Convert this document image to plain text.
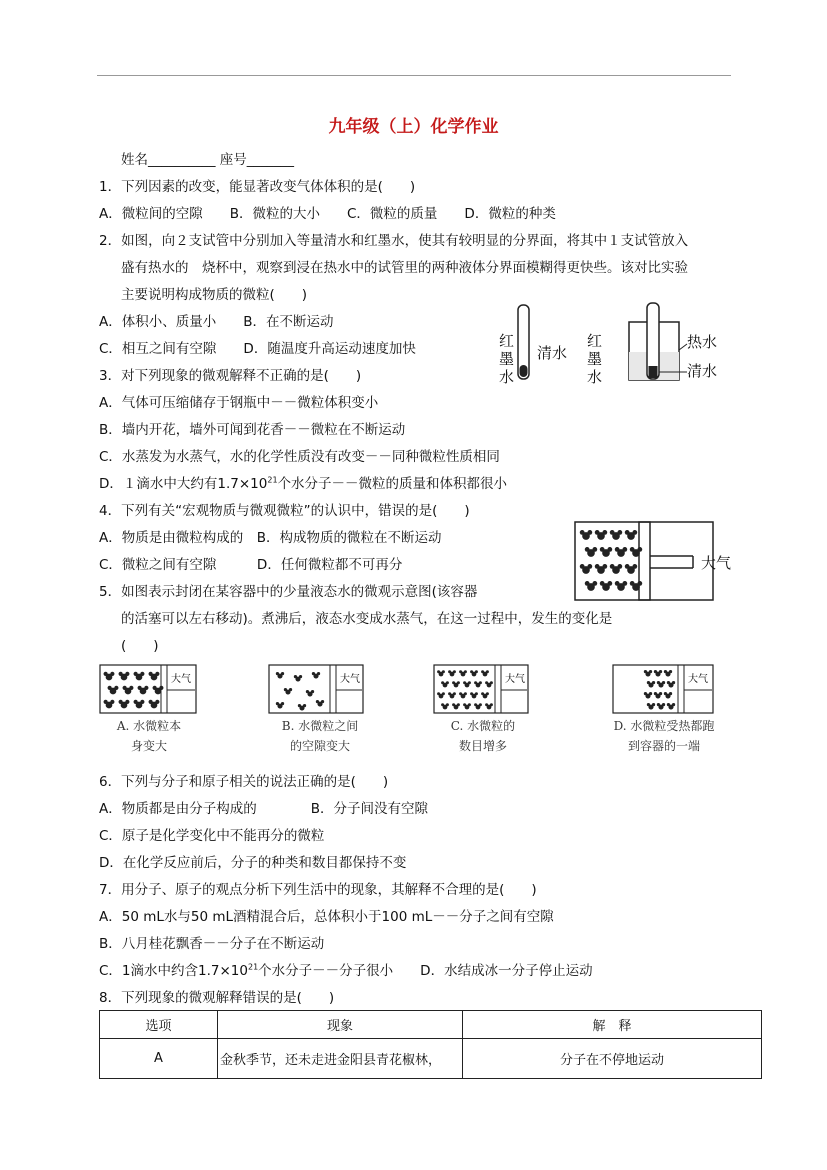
九年级（上）化学作业
姓名__________ 座号_______
1．下列因素的改变，能显著改变气体体积的是(　　)
A．微粒间的空隙　　B．微粒的大小　　C．微粒的质量　　D．微粒的种类
2．如图，向２支试管中分别加入等量清水和红墨水，使其有较明显的分界面，将其中１支试管放入
盛有热水的　烧杯中，观察到浸在热水中的试管里的两种液体分界面模糊得更快些。该对比实验
主要说明构成物质的微粒(　　)
A．体积小、质量小　　B．在不断运动
C．相互之间有空隙　　D．随温度升高运动速度加快
3．对下列现象的微观解释不正确的是(　　)
A．气体可压缩储存于钢瓶中－－微粒体积变小
B．墙内开花，墙外可闻到花香－－微粒在不断运动
C．水蒸发为水蒸气，水的化学性质没有改变－－同种微粒性质相同
D．１滴水中大约有$1.7\times 10^{21}$个水分子－－微粒的质量和体积都很小
4．下列有关“宏观物质与微观微粒”的认识中，错误的是(　　)
A．物质是由微粒构成的　B．构成物质的微粒在不断运动
C．微粒之间有空隙　　　D．任何微粒都不可再分
5．如图表示封闭在某容器中的少量液态水的微观示意图(该容器
的活塞可以左右移动)。煮沸后，液态水变成水蒸气，在这一过程中，发生的变化是
(　　)
6．下列与分子和原子相关的说法正确的是(　　)
A．物质都是由分子构成的　　　　B．分子间没有空隙
C．原子是化学变化中不能再分的微粒
D．在化学反应前后，分子的种类和数目都保持不变
7．用分子、原子的观点分析下列生活中的现象，其解释不合理的是(　　)
A．50 mL水与50 mL酒精混合后，总体积小于100 mL－－分子之间有空隙
B．八月桂花飘香－－分子在不断运动
C．1滴水中约含$1.7\times 10^{21}$个水分子－－分子很小　　D．水结成冰一分子停止运动
8．下列现象的微观解释错误的是(　　)
红
墨
水
清水
红
墨
水
热水
清水
大气
大气
A. 水微粒本
身变大
大气
B. 水微粒之间
的空隙变大
大气
C. 水微粒的
数目增多
大气
D. 水微粒受热都跑
到容器的一端
选项	现象	解　释
A	金秋季节，还未走进金阳县青花椒林，	分子在不停地运动
